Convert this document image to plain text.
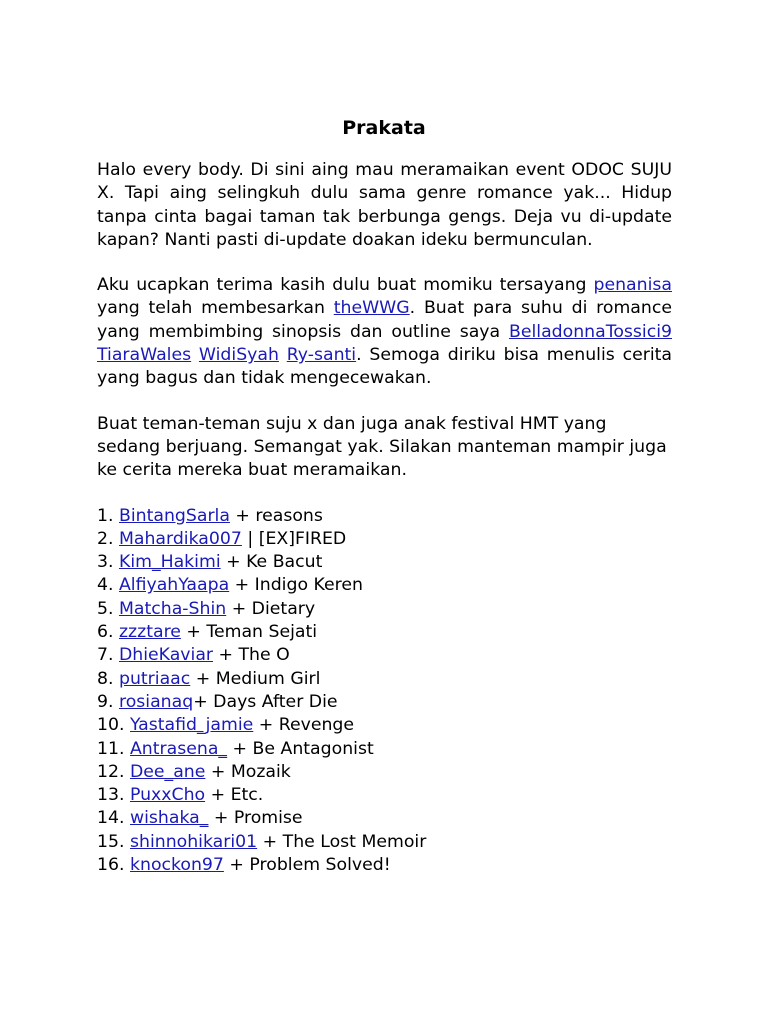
Prakata

Halo every body. Di sini aing mau meramaikan event ODOC SUJU X. Tapi aing selingkuh dulu sama genre romance yak... Hidup tanpa cinta bagai taman tak berbunga gengs. Deja vu di-update kapan? Nanti pasti di-update doakan ideku bermunculan.

Aku ucapkan terima kasih dulu buat momiku tersayang penanisa yang telah membesarkan theWWG. Buat para suhu di romance yang membimbing sinopsis dan outline saya BelladonnaTossici9 TiaraWales WidiSyah Ry-santi. Semoga diriku bisa menulis cerita yang bagus dan tidak mengecewakan.

Buat teman-teman suju x dan juga anak festival HMT yang sedang berjuang. Semangat yak. Silakan manteman mampir juga ke cerita mereka buat meramaikan.

1. BintangSarla + reasons
2. Mahardika007 | [EX]FIRED
3. Kim_Hakimi + Ke Bacut
4. AlfiyahYaapa + Indigo Keren
5. Matcha-Shin + Dietary
6. zzztare + Teman Sejati
7. DhieKaviar + The O
8. putriaac + Medium Girl
9. rosianaq+ Days After Die
10. Yastafid_jamie + Revenge
11. Antrasena_ + Be Antagonist
12. Dee_ane + Mozaik
13. PuxxCho + Etc.
14. wishaka_ + Promise
15. shinnohikari01 + The Lost Memoir
16. knockon97 + Problem Solved!
